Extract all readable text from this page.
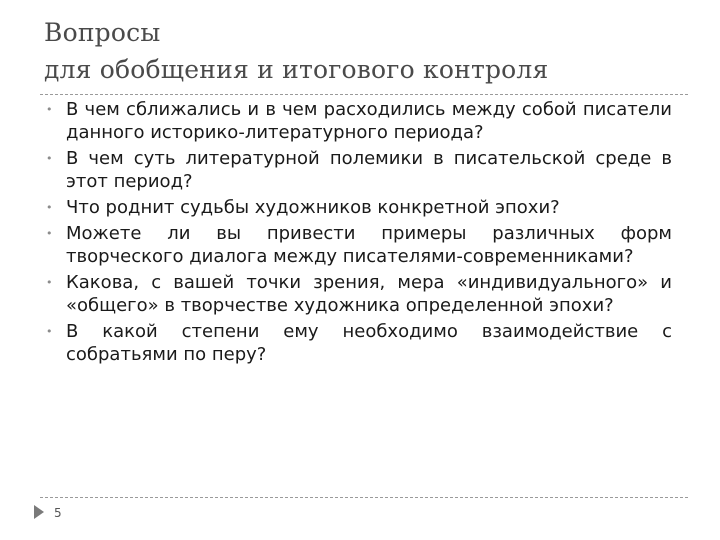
Вопросы
для обобщения и итогового контроля
• В чем сближались и в чем расходились между собой писатели данного историко-литературного периода?
• В чем суть литературной полемики в писательской среде в этот период?
• Что роднит судьбы художников конкретной эпохи?
• Можете ли вы привести примеры различных форм творческого диалога между писателями-современниками?
• Какова, с вашей точки зрения, мера «индивидуального» и «общего» в творчестве художника определенной эпохи?
• В какой степени ему необходимо взаимодействие с собратьями по перу?
5
